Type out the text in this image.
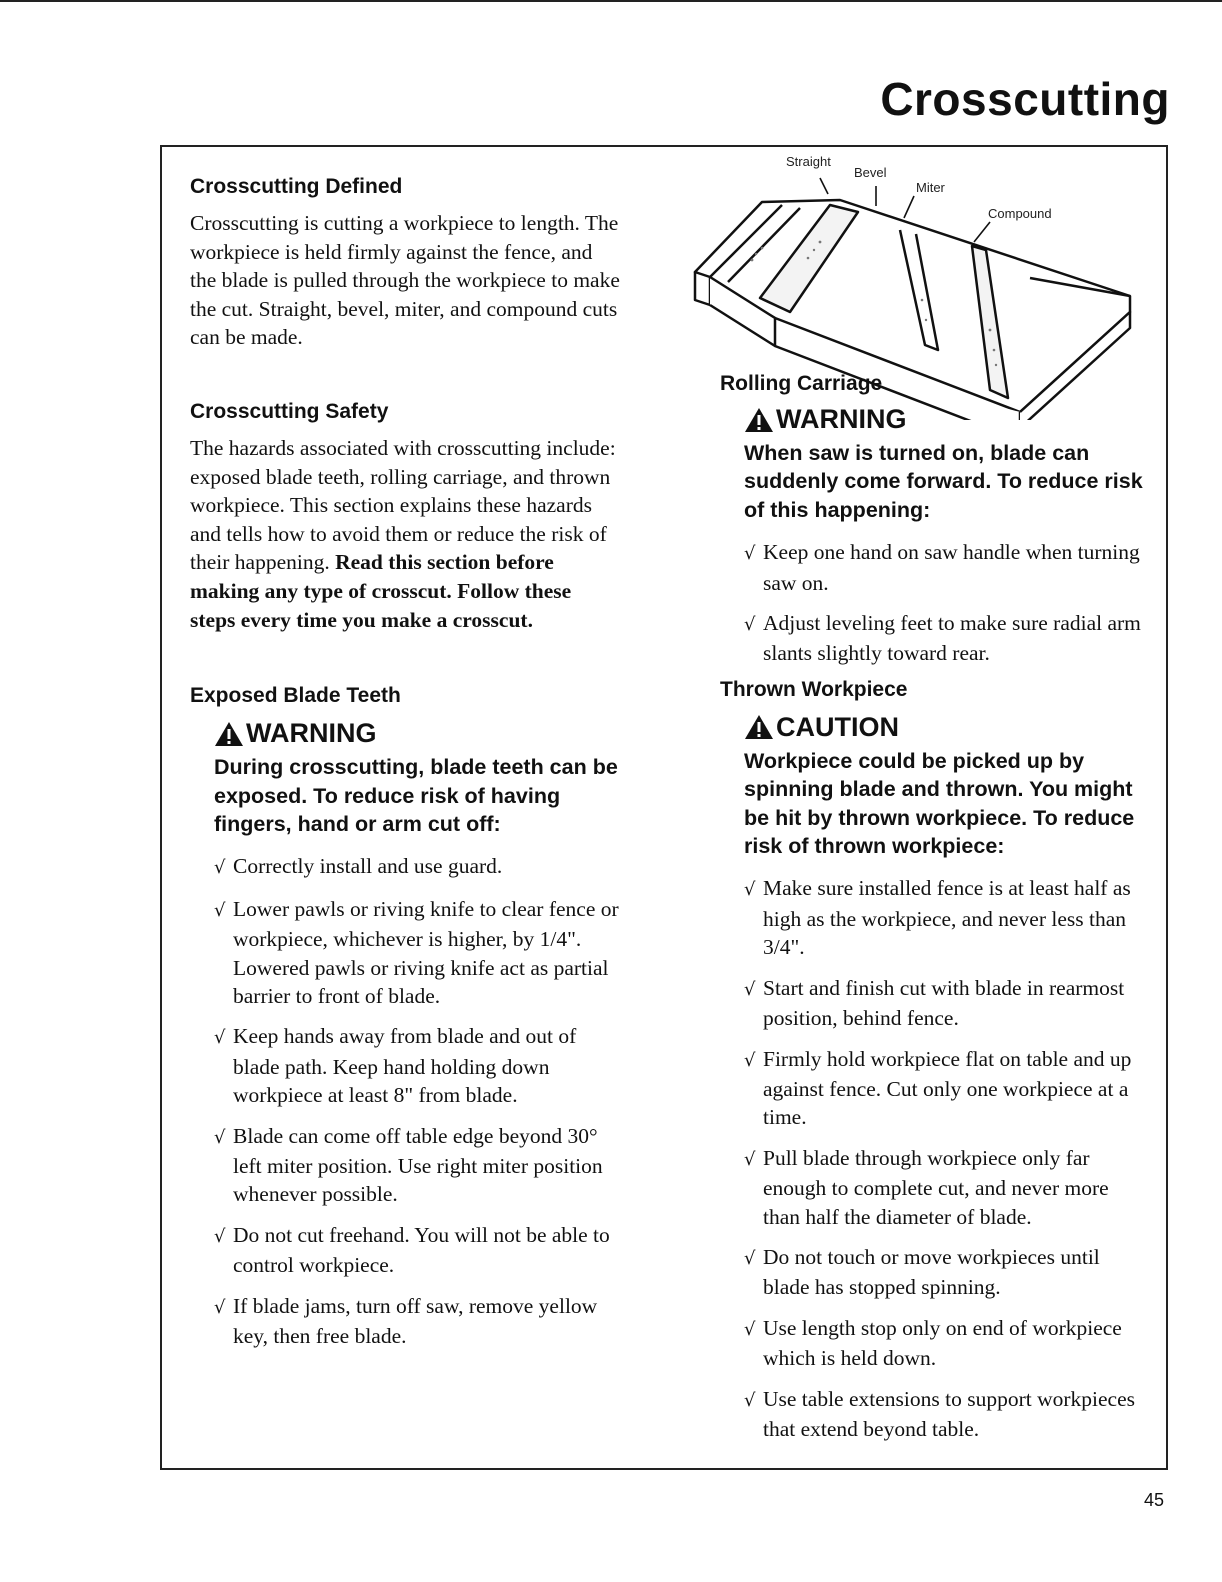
Crosscutting
Straight
Bevel
Miter
Compound
Crosscutting Defined

Crosscutting is cutting a workpiece to length. The workpiece is held firmly against the fence, and the blade is pulled through the workpiece to make the cut. Straight, bevel, miter, and compound cuts can be made.

Crosscutting Safety

The hazards associated with crosscutting include: exposed blade teeth, rolling carriage, and thrown workpiece. This section explains these hazards and tells how to avoid them or reduce the risk of their happening. Read this section before making any type of crosscut. Follow these steps every time you make a crosscut.

Exposed Blade Teeth
WARNING

During crosscutting, blade teeth can be exposed. To reduce risk of having fingers, hand or arm cut off:

√ Correctly install and use guard.
√ Lower pawls or riving knife to clear fence or workpiece, whichever is higher, by 1/4". Lowered pawls or riving knife act as partial barrier to front of blade.
√ Keep hands away from blade and out of blade path. Keep hand holding down workpiece at least 8" from blade.
√ Blade can come off table edge beyond 30° left miter position. Use right miter position whenever possible.
√ Do not cut freehand. You will not be able to control workpiece.
√ If blade jams, turn off saw, remove yellow key, then free blade.
Rolling Carriage
WARNING

When saw is turned on, blade can suddenly come forward. To reduce risk of this happening:

√ Keep one hand on saw handle when turning saw on.
√ Adjust leveling feet to make sure radial arm slants slightly toward rear.
Thrown Workpiece
CAUTION

Workpiece could be picked up by spinning blade and thrown. You might be hit by thrown workpiece. To reduce risk of thrown workpiece:

√ Make sure installed fence is at least half as high as the workpiece, and never less than 3/4".
√ Start and finish cut with blade in rearmost position, behind fence.
√ Firmly hold workpiece flat on table and up against fence. Cut only one workpiece at a time.
√ Pull blade through workpiece only far enough to complete cut, and never more than half the diameter of blade.
√ Do not touch or move workpieces until blade has stopped spinning.
√ Use length stop only on end of workpiece which is held down.
√ Use table extensions to support workpieces that extend beyond table.
45
